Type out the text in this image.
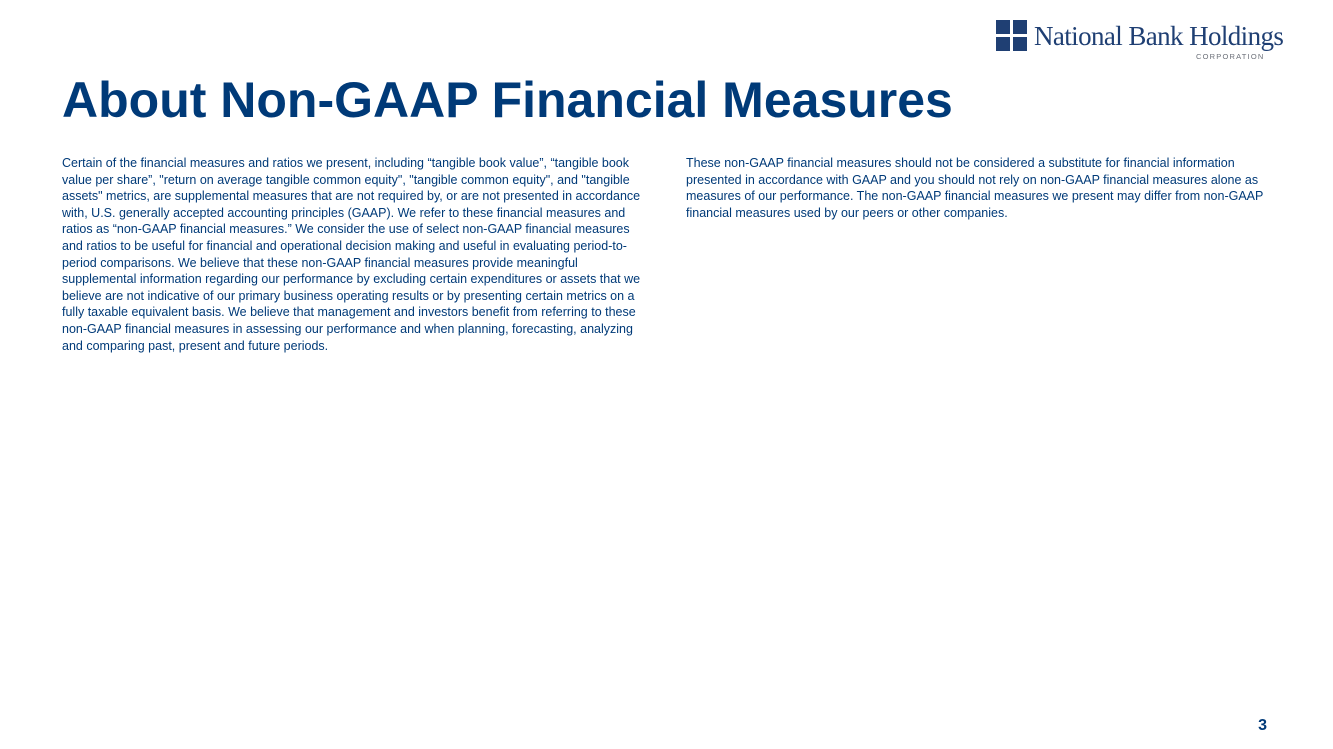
National Bank Holdings
CORPORATION
About Non-GAAP Financial Measures

Certain of the financial measures and ratios we present, including “tangible book value”, “tangible book value per share”, "return on average tangible common equity", "tangible common equity", and "tangible assets" metrics, are supplemental measures that are not required by, or are not presented in accordance with, U.S. generally accepted accounting principles (GAAP). We refer to these financial measures and ratios as “non-GAAP financial measures.” We consider the use of select non-GAAP financial measures and ratios to be useful for financial and operational decision making and useful in evaluating period-to-period comparisons. We believe that these non-GAAP financial measures provide meaningful supplemental information regarding our performance by excluding certain expenditures or assets that we believe are not indicative of our primary business operating results or by presenting certain metrics on a fully taxable equivalent basis. We believe that management and investors benefit from referring to these non-GAAP financial measures in assessing our performance and when planning, forecasting, analyzing and comparing past, present and future periods.

These non-GAAP financial measures should not be considered a substitute for financial information presented in accordance with GAAP and you should not rely on non-GAAP financial measures alone as measures of our performance. The non-GAAP financial measures we present may differ from non-GAAP financial measures used by our peers or other companies.

3
